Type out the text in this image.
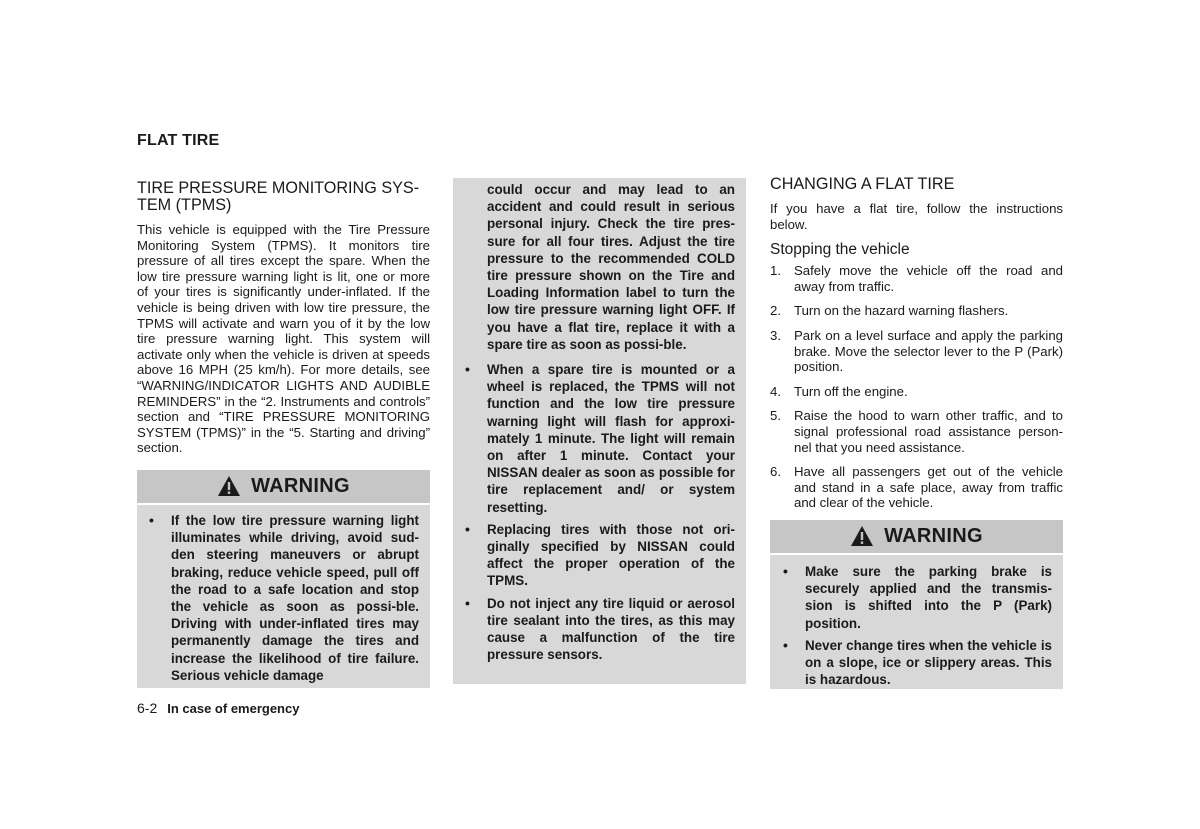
FLAT TIRE
TIRE PRESSURE MONITORING SYS-TEM (TPMS)

This vehicle is equipped with the Tire Pressure Monitoring System (TPMS). It monitors tire pressure of all tires except the spare. When the low tire pressure warning light is lit, one or more of your tires is significantly under-inflated. If the vehicle is being driven with low tire pressure, the TPMS will activate and warn you of it by the low tire pressure warning light. This system will activate only when the vehicle is driven at speeds above 16 MPH (25 km/h). For more details, see “WARNING/INDICATOR LIGHTS AND AUDIBLE REMINDERS” in the “2. Instruments and controls” section and “TIRE PRESSURE MONITORING SYSTEM (TPMS)” in the “5. Starting and driving” section.

WARNING
• If the low tire pressure warning light illuminates while driving, avoid sud-den steering maneuvers or abrupt braking, reduce vehicle speed, pull off the road to a safe location and stop the vehicle as soon as possi-ble. Driving with under-inflated tires may permanently damage the tires and increase the likelihood of tire failure. Serious vehicle damage

could occur and may lead to an accident and could result in serious personal injury. Check the tire pres-sure for all four tires. Adjust the tire pressure to the recommended COLD tire pressure shown on the Tire and Loading Information label to turn the low tire pressure warning light OFF. If you have a flat tire, replace it with a spare tire as soon as possi-ble.

• When a spare tire is mounted or a wheel is replaced, the TPMS will not function and the low tire pressure warning light will flash for approxi-mately 1 minute. The light will remain on after 1 minute. Contact your NISSAN dealer as soon as possible for tire replacement and/ or system resetting.
• Replacing tires with those not ori-ginally specified by NISSAN could affect the proper operation of the TPMS.
• Do not inject any tire liquid or aerosol tire sealant into the tires, as this may cause a malfunction of the tire pressure sensors.
CHANGING A FLAT TIRE

If you have a flat tire, follow the instructions below.

Stopping the vehicle
1. Safely move the vehicle off the road and away from traffic.
2. Turn on the hazard warning flashers.
3. Park on a level surface and apply the parking brake. Move the selector lever to the P (Park) position.
4. Turn off the engine.
5. Raise the hood to warn other traffic, and to signal professional road assistance person-nel that you need assistance.
6. Have all passengers get out of the vehicle and stand in a safe place, away from traffic and clear of the vehicle.
WARNING
• Make sure the parking brake is securely applied and the transmis-sion is shifted into the P (Park) position.
• Never change tires when the vehicle is on a slope, ice or slippery areas. This is hazardous.
6-2 In case of emergency
